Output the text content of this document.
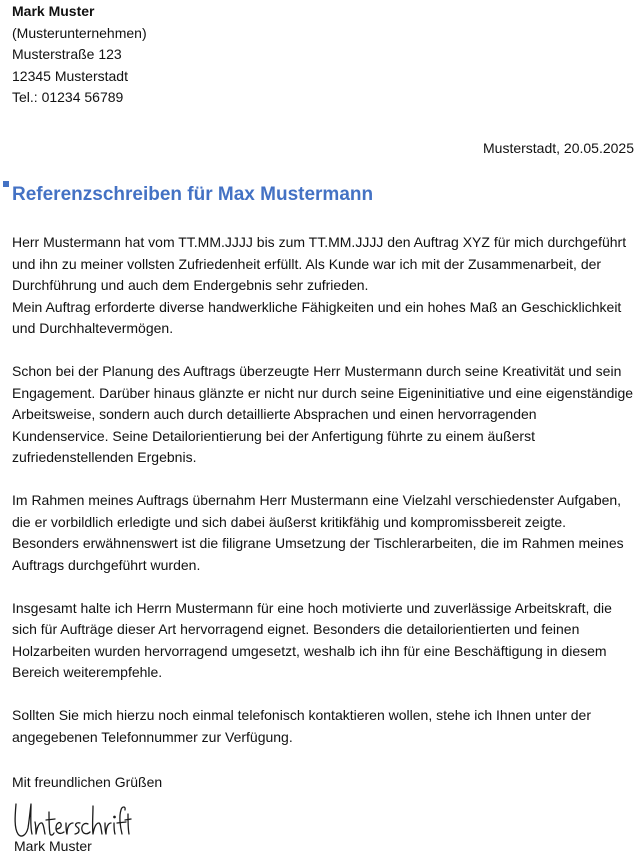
Mark Muster
(Musterunternehmen)
Musterstraße 123
12345 Musterstadt
Tel.: 01234 56789
Musterstadt, 20.05.2025
Referenzschreiben für Max Mustermann

Herr Mustermann hat vom TT.MM.JJJJ bis zum TT.MM.JJJJ den Auftrag XYZ für mich durchgeführt und ihn zu meiner vollsten Zufriedenheit erfüllt. Als Kunde war ich mit der Zusammenarbeit, der Durchführung und auch dem Endergebnis sehr zufrieden.

Mein Auftrag erforderte diverse handwerkliche Fähigkeiten und ein hohes Maß an Geschicklichkeit und Durchhaltevermögen.

Schon bei der Planung des Auftrags überzeugte Herr Mustermann durch seine Kreativität und sein Engagement. Darüber hinaus glänzte er nicht nur durch seine Eigeninitiative und eine eigenständige Arbeitsweise, sondern auch durch detaillierte Absprachen und einen hervorragenden Kundenservice. Seine Detailorientierung bei der Anfertigung führte zu einem äußerst zufriedenstellenden Ergebnis.

Im Rahmen meines Auftrags übernahm Herr Mustermann eine Vielzahl verschiedenster Aufgaben, die er vorbildlich erledigte und sich dabei äußerst kritikfähig und kompromissbereit zeigte. Besonders erwähnenswert ist die filigrane Umsetzung der Tischlerarbeiten, die im Rahmen meines Auftrags durchgeführt wurden.

Insgesamt halte ich Herrn Mustermann für eine hoch motivierte und zuverlässige Arbeitskraft, die sich für Aufträge dieser Art hervorragend eignet. Besonders die detailorientierten und feinen Holzarbeiten wurden hervorragend umgesetzt, weshalb ich ihn für eine Beschäftigung in diesem Bereich weiterempfehle.

Sollten Sie mich hierzu noch einmal telefonisch kontaktieren wollen, stehe ich Ihnen unter der angegebenen Telefonnummer zur Verfügung.

Mit freundlichen Grüßen
Mark Muster
